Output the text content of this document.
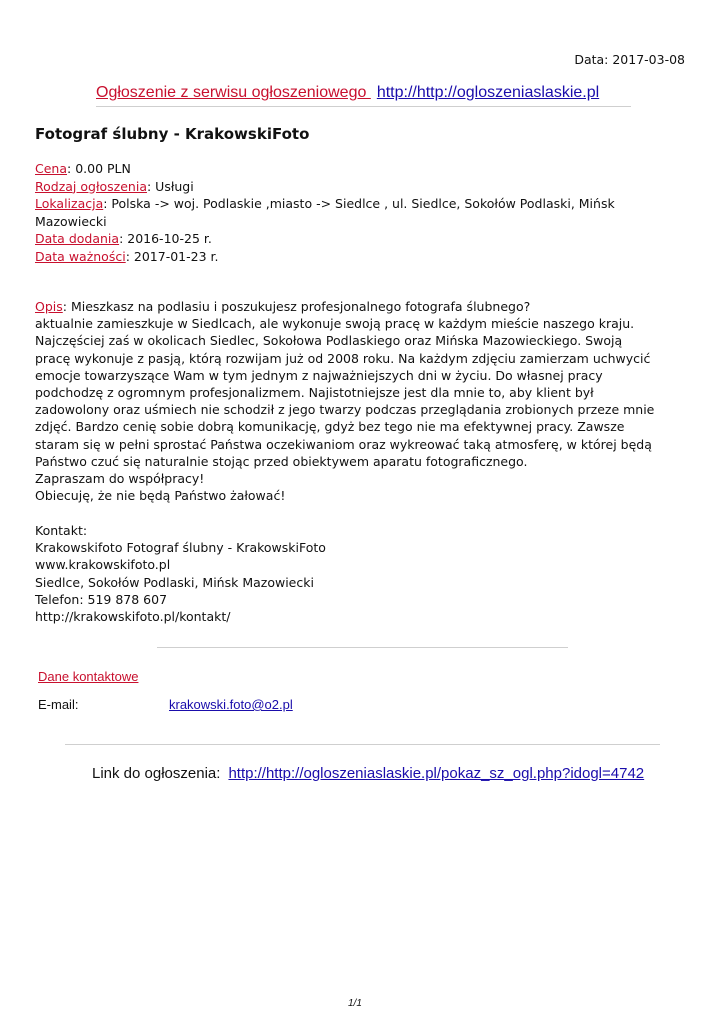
Data: 2017-03-08
Ogłoszenie z serwisu ogłoszeniowego http://http://ogloszeniaslaskie.pl
Fotograf ślubny - KrakowskiFoto
Cena: 0.00 PLN
Rodzaj ogłoszenia: Usługi
Lokalizacja: Polska -> woj. Podlaskie ,miasto -> Siedlce , ul. Siedlce, Sokołów Podlaski, Mińsk Mazowiecki
Data dodania: 2016-10-25 r.
Data ważności: 2017-01-23 r.

Opis: Mieszkasz na podlasiu i poszukujesz profesjonalnego fotografa ślubnego?

aktualnie zamieszkuje w Siedlcach, ale wykonuje swoją pracę w każdym mieście naszego kraju. Najczęściej zaś w okolicach Siedlec, Sokołowa Podlaskiego oraz Mińska Mazowieckiego. Swoją pracę wykonuje z pasją, którą rozwijam już od 2008 roku. Na każdym zdjęciu zamierzam uchwycić emocje towarzyszące Wam w tym jednym z najważniejszych dni w życiu. Do własnej pracy podchodzę z ogromnym profesjonalizmem. Najistotniejsze jest dla mnie to, aby klient był zadowolony oraz uśmiech nie schodził z jego twarzy podczas przeglądania zrobionych przeze mnie zdjęć. Bardzo cenię sobie dobrą komunikację, gdyż bez tego nie ma efektywnej pracy. Zawsze staram się w pełni sprostać Państwa oczekiwaniom oraz wykreować taką atmosferę, w której będą Państwo czuć się naturalnie stojąc przed obiektywem aparatu fotograficznego.

Zapraszam do współpracy!

Obiecuję, że nie będą Państwo żałować!

Kontakt:

Krakowskifoto Fotograf ślubny - KrakowskiFoto

www.krakowskifoto.pl

Siedlce, Sokołów Podlaski, Mińsk Mazowiecki

Telefon: 519 878 607

http://krakowskifoto.pl/kontakt/

Dane kontaktowe
E-mail:	krakowski.foto@o2.pl
Link do ogłoszenia: http://http://ogloszeniaslaskie.pl/pokaz_sz_ogl.php?idogl=4742
1/1
